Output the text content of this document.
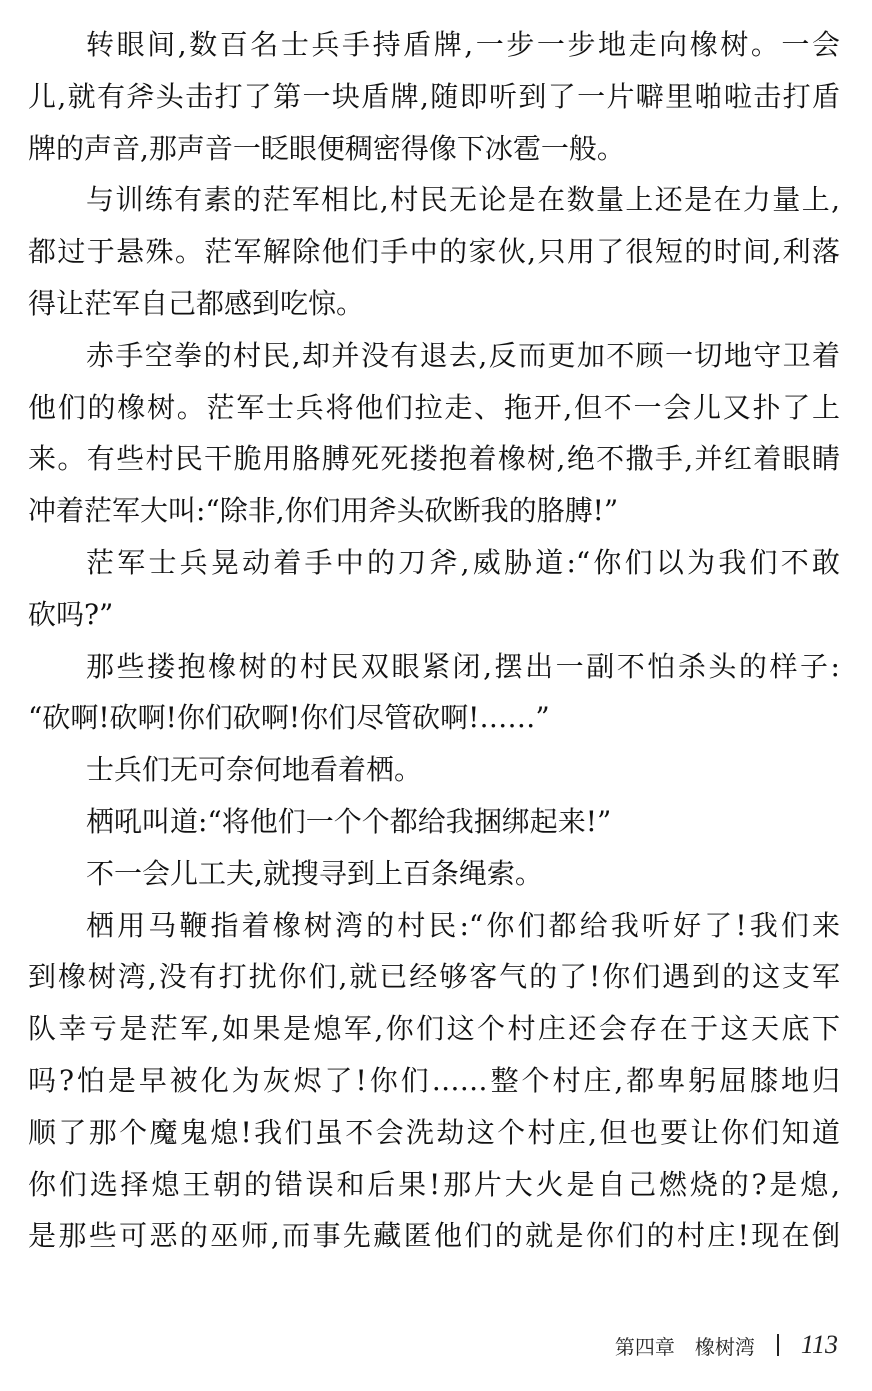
转眼间,数百名士兵手持盾牌,一步一步地走向橡树。一会
儿,就有斧头击打了第一块盾牌,随即听到了一片噼里啪啦击打盾
牌的声音,那声音一眨眼便稠密得像下冰雹一般。
与训练有素的茫军相比,村民无论是在数量上还是在力量上,
都过于悬殊。茫军解除他们手中的家伙,只用了很短的时间,利落
得让茫军自己都感到吃惊。
赤手空拳的村民,却并没有退去,反而更加不顾一切地守卫着
他们的橡树。茫军士兵将他们拉走、拖开,但不一会儿又扑了上
来。有些村民干脆用胳膊死死搂抱着橡树,绝不撒手,并红着眼睛
冲着茫军大叫:“除非,你们用斧头砍断我的胳膊!”
茫军士兵晃动着手中的刀斧,威胁道:“你们以为我们不敢
砍吗?”
那些搂抱橡树的村民双眼紧闭,摆出一副不怕杀头的样子:
“砍啊!砍啊!你们砍啊!你们尽管砍啊!……”
士兵们无可奈何地看着栖。
栖吼叫道:“将他们一个个都给我捆绑起来!”
不一会儿工夫,就搜寻到上百条绳索。
栖用马鞭指着橡树湾的村民:“你们都给我听好了!我们来
到橡树湾,没有打扰你们,就已经够客气的了!你们遇到的这支军
队幸亏是茫军,如果是熄军,你们这个村庄还会存在于这天底下
吗?怕是早被化为灰烬了!你们……整个村庄,都卑躬屈膝地归
顺了那个魔鬼熄!我们虽不会洗劫这个村庄,但也要让你们知道
你们选择熄王朝的错误和后果!那片大火是自己燃烧的?是熄,
是那些可恶的巫师,而事先藏匿他们的就是你们的村庄!现在倒
第四章　橡树湾 113
